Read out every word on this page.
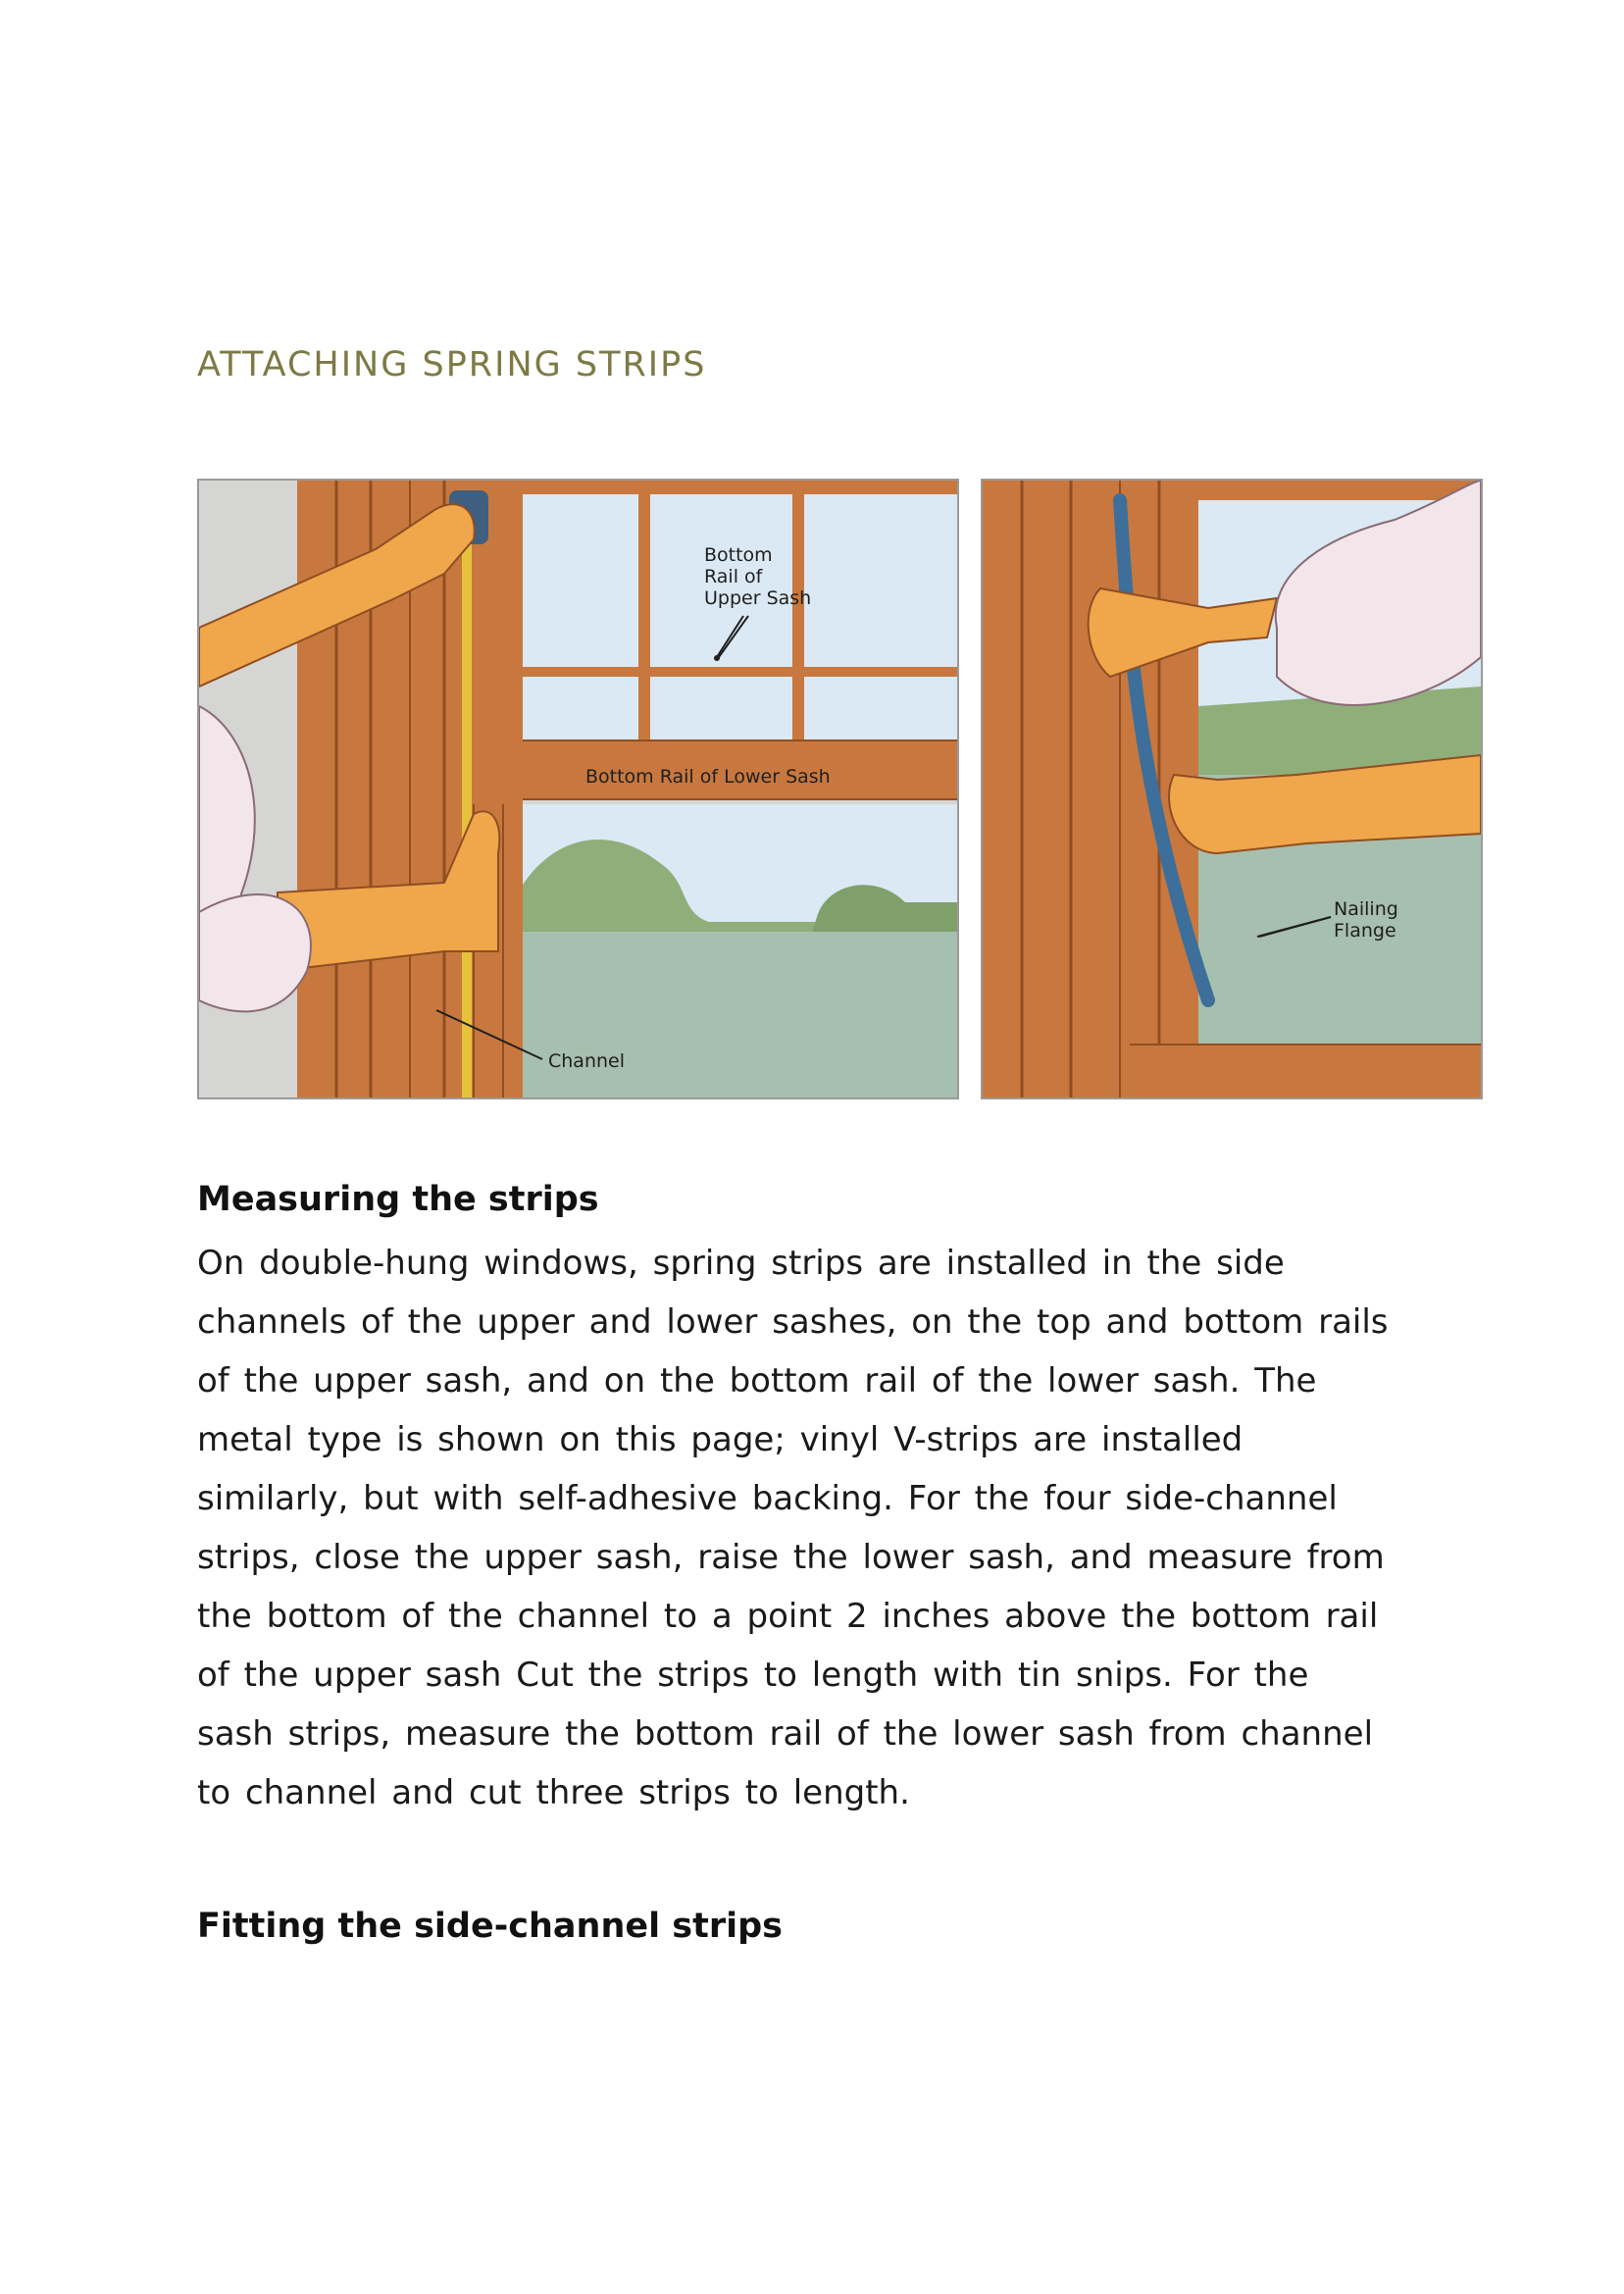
ATTACHING SPRING STRIPS
Bottom
Rail of
Upper Sash
Bottom Rail of Lower Sash
Channel
Nailing
Flange
Measuring the strips
On double-hung windows, spring strips are installed in the side
channels of the upper and lower sashes, on the top and bottom rails
of the upper sash, and on the bottom rail of the lower sash. The
metal type is shown on this page; vinyl V-strips are installed
similarly, but with self-adhesive backing. For the four side-channel
strips, close the upper sash, raise the lower sash, and measure from
the bottom of the channel to a point 2 inches above the bottom rail
of the upper sash Cut the strips to length with tin snips. For the
sash strips, measure the bottom rail of the lower sash from channel
to channel and cut three strips to length.
Fitting the side-channel strips
